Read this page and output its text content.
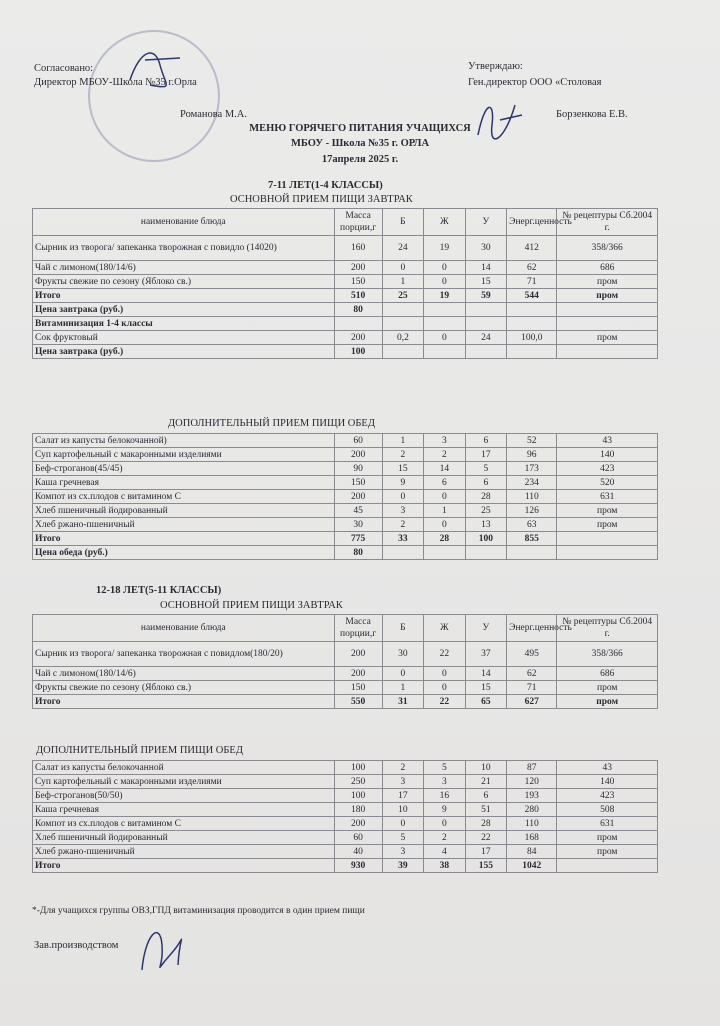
Согласовано:
Директор МБОУ-Школа №35 г.Орла
Романова М.А.
Утверждаю:
Ген.директор ООО «Столовая
Борзенкова Е.В.
МЕНЮ ГОРЯЧЕГО ПИТАНИЯ УЧАЩИХСЯ
МБОУ - Школа №35 г. ОРЛА
17апреля 2025 г.
7-11 ЛЕТ(1-4 КЛАССЫ)
ОСНОВНОЙ ПРИЕМ ПИЩИ ЗАВТРАК
наименование блюда	Масса порции,г	Б	Ж	У	Энерг.ценность	№ рецептуры Сб.2004 г.
Сырник из творога/ запеканка творожная с повидло (14020)	160	24	19	30	412	358/366
Чай с лимоном(180/14/6)	200	0	0	14	62	686
Фрукты свежие по сезону (Яблоко св.)	150	1	0	15	71	пром
Итого	510	25	19	59	544	пром
Цена завтрака (руб.)	80					
Витаминизация 1-4 классы						
Сок фруктовый	200	0,2	0	24	100,0	пром
Цена завтрака (руб.)	100					
ДОПОЛНИТЕЛЬНЫЙ ПРИЕМ ПИЩИ ОБЕД
Салат из капусты белокочанной)	60	1	3	6	52	43
Суп картофельный с макаронными изделиями	200	2	2	17	96	140
Беф-строганов(45/45)	90	15	14	5	173	423
Каша гречневая	150	9	6	6	234	520
Компот из сх.плодов с витамином С	200	0	0	28	110	631
Хлеб пшеничный йодированный	45	3	1	25	126	пром
Хлеб ржано-пшеничный	30	2	0	13	63	пром
Итого	775	33	28	100	855	
Цена обеда (руб.)	80					
12-18 ЛЕТ(5-11 КЛАССЫ)
ОСНОВНОЙ ПРИЕМ ПИЩИ ЗАВТРАК
наименование блюда	Масса порции,г	Б	Ж	У	Энерг.ценность	№ рецептуры Сб.2004 г.
Сырник из творога/ запеканка творожная с повидлом(180/20)	200	30	22	37	495	358/366
Чай с лимоном(180/14/6)	200	0	0	14	62	686
Фрукты свежие по сезону (Яблоко св.)	150	1	0	15	71	пром
Итого	550	31	22	65	627	пром
ДОПОЛНИТЕЛЬНЫЙ ПРИЕМ ПИЩИ ОБЕД
Салат из капусты белокочанной	100	2	5	10	87	43
Суп картофельный с макаронными изделиями	250	3	3	21	120	140
Беф-строганов(50/50)	100	17	16	6	193	423
Каша гречневая	180	10	9	51	280	508
Компот из сх.плодов с витамином С	200	0	0	28	110	631
Хлеб пшеничный йодированный	60	5	2	22	168	пром
Хлеб ржано-пшеничный	40	3	4	17	84	пром
Итого	930	39	38	155	1042	
*-Для учащихся группы ОВЗ,ГПД витаминизация проводится в один прием пищи
Зав.производством
